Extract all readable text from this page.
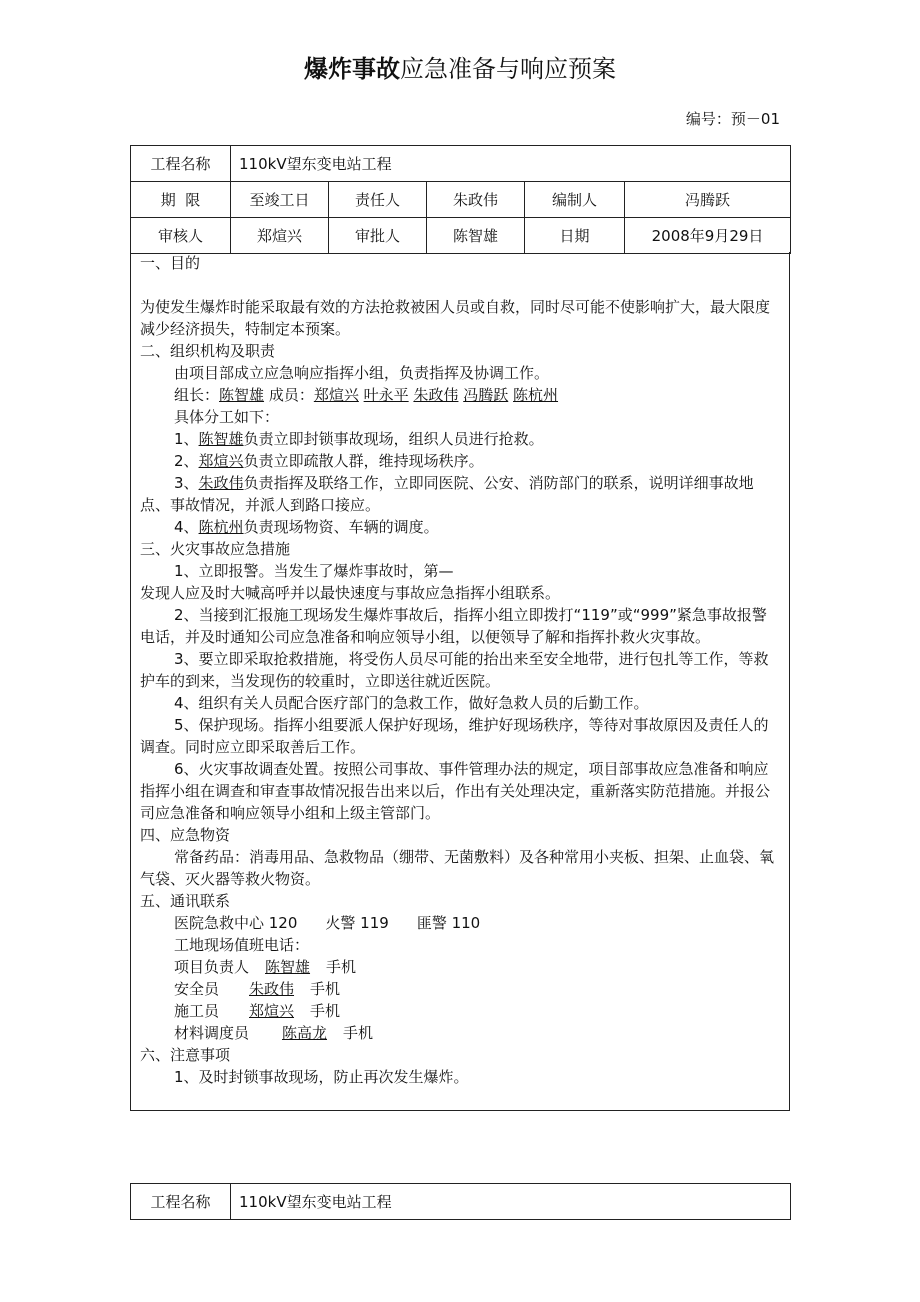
爆炸事故应急准备与响应预案
编号：预－01
工程名称	110kV望东变电站工程				
期  限	至竣工日	责任人	朱政伟	编制人	冯腾跃
审核人	郑煊兴	审批人	陈智雄	日期	2008年9月29日

一、目的

为使发生爆炸时能采取最有效的方法抢救被困人员或自救，同时尽可能不使影响扩大，最大限度减少经济损失，特制定本预案。

二、组织机构及职责

由项目部成立应急响应指挥小组，负责指挥及协调工作。

组长：陈智雄 成员：郑煊兴 叶永平 朱政伟 冯腾跃 陈杭州

具体分工如下：

1、陈智雄负责立即封锁事故现场，组织人员进行抢救。

2、郑煊兴负责立即疏散人群，维持现场秩序。

3、朱政伟负责指挥及联络工作，立即同医院、公安、消防部门的联系，说明详细事故地点、事故情况，并派人到路口接应。

4、陈杭州负责现场物资、车辆的调度。

三、火灾事故应急措施

1、立即报警。当发生了爆炸事故时，第—

发现人应及时大喊高呼并以最快速度与事故应急指挥小组联系。

2、当接到汇报施工现场发生爆炸事故后，指挥小组立即拨打“119”或“999”紧急事故报警电话，并及时通知公司应急准备和响应领导小组，以便领导了解和指挥扑救火灾事故。

3、要立即采取抢救措施，将受伤人员尽可能的抬出来至安全地带，进行包扎等工作，等救护车的到来，当发现伤的较重时，立即送往就近医院。

4、组织有关人员配合医疗部门的急救工作，做好急救人员的后勤工作。

5、保护现场。指挥小组要派人保护好现场，维护好现场秩序，等待对事故原因及责任人的调查。同时应立即采取善后工作。

6、火灾事故调查处置。按照公司事故、事件管理办法的规定，项目部事故应急准备和响应指挥小组在调查和审查事故情况报告出来以后，作出有关处理决定，重新落实防范措施。并报公司应急准备和响应领导小组和上级主管部门。

四、应急物资

常备药品：消毒用品、急救物品（绷带、无菌敷料）及各种常用小夹板、担架、止血袋、氧气袋、灭火器等救火物资。

五、通讯联系

医院急救中心 120 火警 119 匪警 110

工地现场值班电话：

项目负责人 陈智雄 手机

安全员 朱政伟 手机

施工员 郑煊兴 手机

材料调度员 陈高龙 手机

六、注意事项

1、及时封锁事故现场，防止再次发生爆炸。

工程名称	110kV望东变电站工程
